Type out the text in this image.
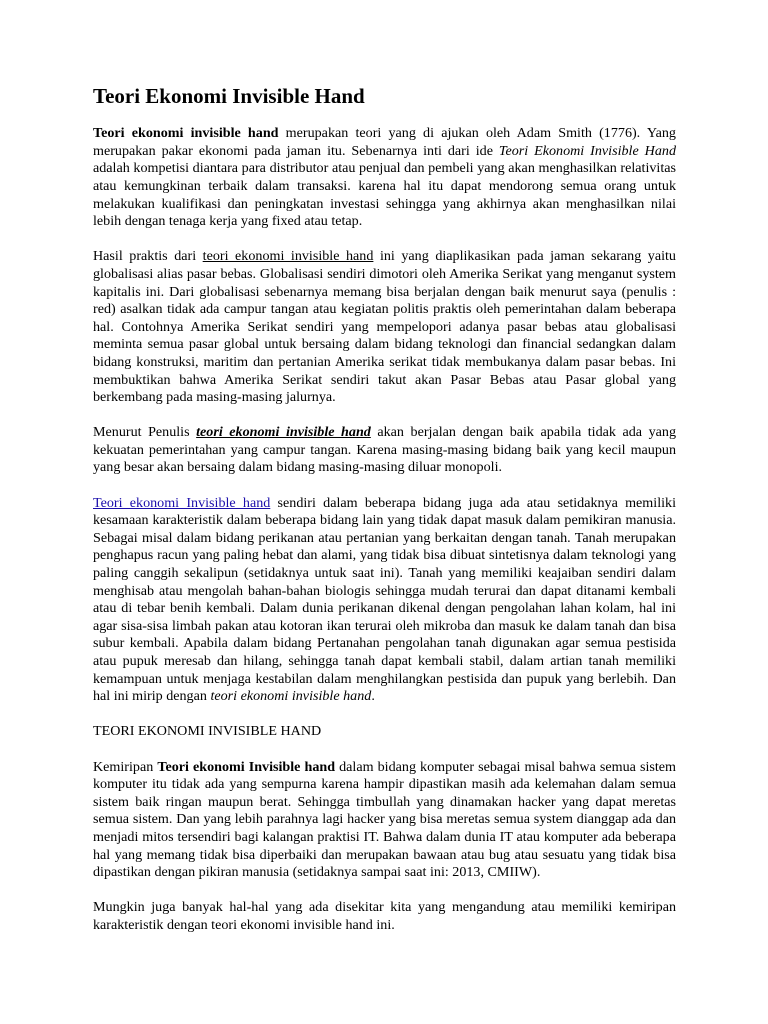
Teori Ekonomi Invisible Hand

Teori ekonomi invisible hand merupakan teori yang di ajukan oleh Adam Smith (1776). Yang merupakan pakar ekonomi pada jaman itu. Sebenarnya inti dari ide Teori Ekonomi Invisible Hand adalah kompetisi diantara para distributor atau penjual dan pembeli yang akan menghasilkan relativitas atau kemungkinan terbaik dalam transaksi. karena hal itu dapat mendorong semua orang untuk melakukan kualifikasi dan peningkatan investasi sehingga yang akhirnya akan menghasilkan nilai lebih dengan tenaga kerja yang fixed atau tetap.

Hasil praktis dari teori ekonomi invisible hand ini yang diaplikasikan pada jaman sekarang yaitu globalisasi alias pasar bebas. Globalisasi sendiri dimotori oleh Amerika Serikat yang menganut system kapitalis ini. Dari globalisasi sebenarnya memang bisa berjalan dengan baik menurut saya (penulis : red) asalkan tidak ada campur tangan atau kegiatan politis praktis oleh pemerintahan dalam beberapa hal. Contohnya Amerika Serikat sendiri yang mempelopori adanya pasar bebas atau globalisasi meminta semua pasar global untuk bersaing dalam bidang teknologi dan financial sedangkan dalam bidang konstruksi, maritim dan pertanian Amerika serikat tidak membukanya dalam pasar bebas. Ini membuktikan bahwa Amerika Serikat sendiri takut akan Pasar Bebas atau Pasar global yang berkembang pada masing-masing jalurnya.

Menurut Penulis teori ekonomi invisible hand akan berjalan dengan baik apabila tidak ada yang kekuatan pemerintahan yang campur tangan. Karena masing-masing bidang baik yang kecil maupun yang besar akan bersaing dalam bidang masing-masing diluar monopoli.

Teori ekonomi Invisible hand sendiri dalam beberapa bidang juga ada atau setidaknya memiliki kesamaan karakteristik dalam beberapa bidang lain yang tidak dapat masuk dalam pemikiran manusia. Sebagai misal dalam bidang perikanan atau pertanian yang berkaitan dengan tanah. Tanah merupakan penghapus racun yang paling hebat dan alami, yang tidak bisa dibuat sintetisnya dalam teknologi yang paling canggih sekalipun (setidaknya untuk saat ini). Tanah yang memiliki keajaiban sendiri dalam menghisab atau mengolah bahan-bahan biologis sehingga mudah terurai dan dapat ditanami kembali atau di tebar benih kembali. Dalam dunia perikanan dikenal dengan pengolahan lahan kolam, hal ini agar sisa-sisa limbah pakan atau kotoran ikan terurai oleh mikroba dan masuk ke dalam tanah dan bisa subur kembali. Apabila dalam bidang Pertanahan pengolahan tanah digunakan agar semua pestisida atau pupuk meresab dan hilang, sehingga tanah dapat kembali stabil, dalam artian tanah memiliki kemampuan untuk menjaga kestabilan dalam menghilangkan pestisida dan pupuk yang berlebih. Dan hal ini mirip dengan teori ekonomi invisible hand.

TEORI EKONOMI INVISIBLE HAND

Kemiripan Teori ekonomi Invisible hand dalam bidang komputer sebagai misal bahwa semua sistem komputer itu tidak ada yang sempurna karena hampir dipastikan masih ada kelemahan dalam semua sistem baik ringan maupun berat. Sehingga timbullah yang dinamakan hacker yang dapat meretas semua sistem. Dan yang lebih parahnya lagi hacker yang bisa meretas semua system dianggap ada dan menjadi mitos tersendiri bagi kalangan praktisi IT. Bahwa dalam dunia IT atau komputer ada beberapa hal yang memang tidak bisa diperbaiki dan merupakan bawaan atau bug atau sesuatu yang tidak bisa dipastikan dengan pikiran manusia (setidaknya sampai saat ini: 2013, CMIIW).

Mungkin juga banyak hal-hal yang ada disekitar kita yang mengandung atau memiliki kemiripan karakteristik dengan teori ekonomi invisible hand ini.
